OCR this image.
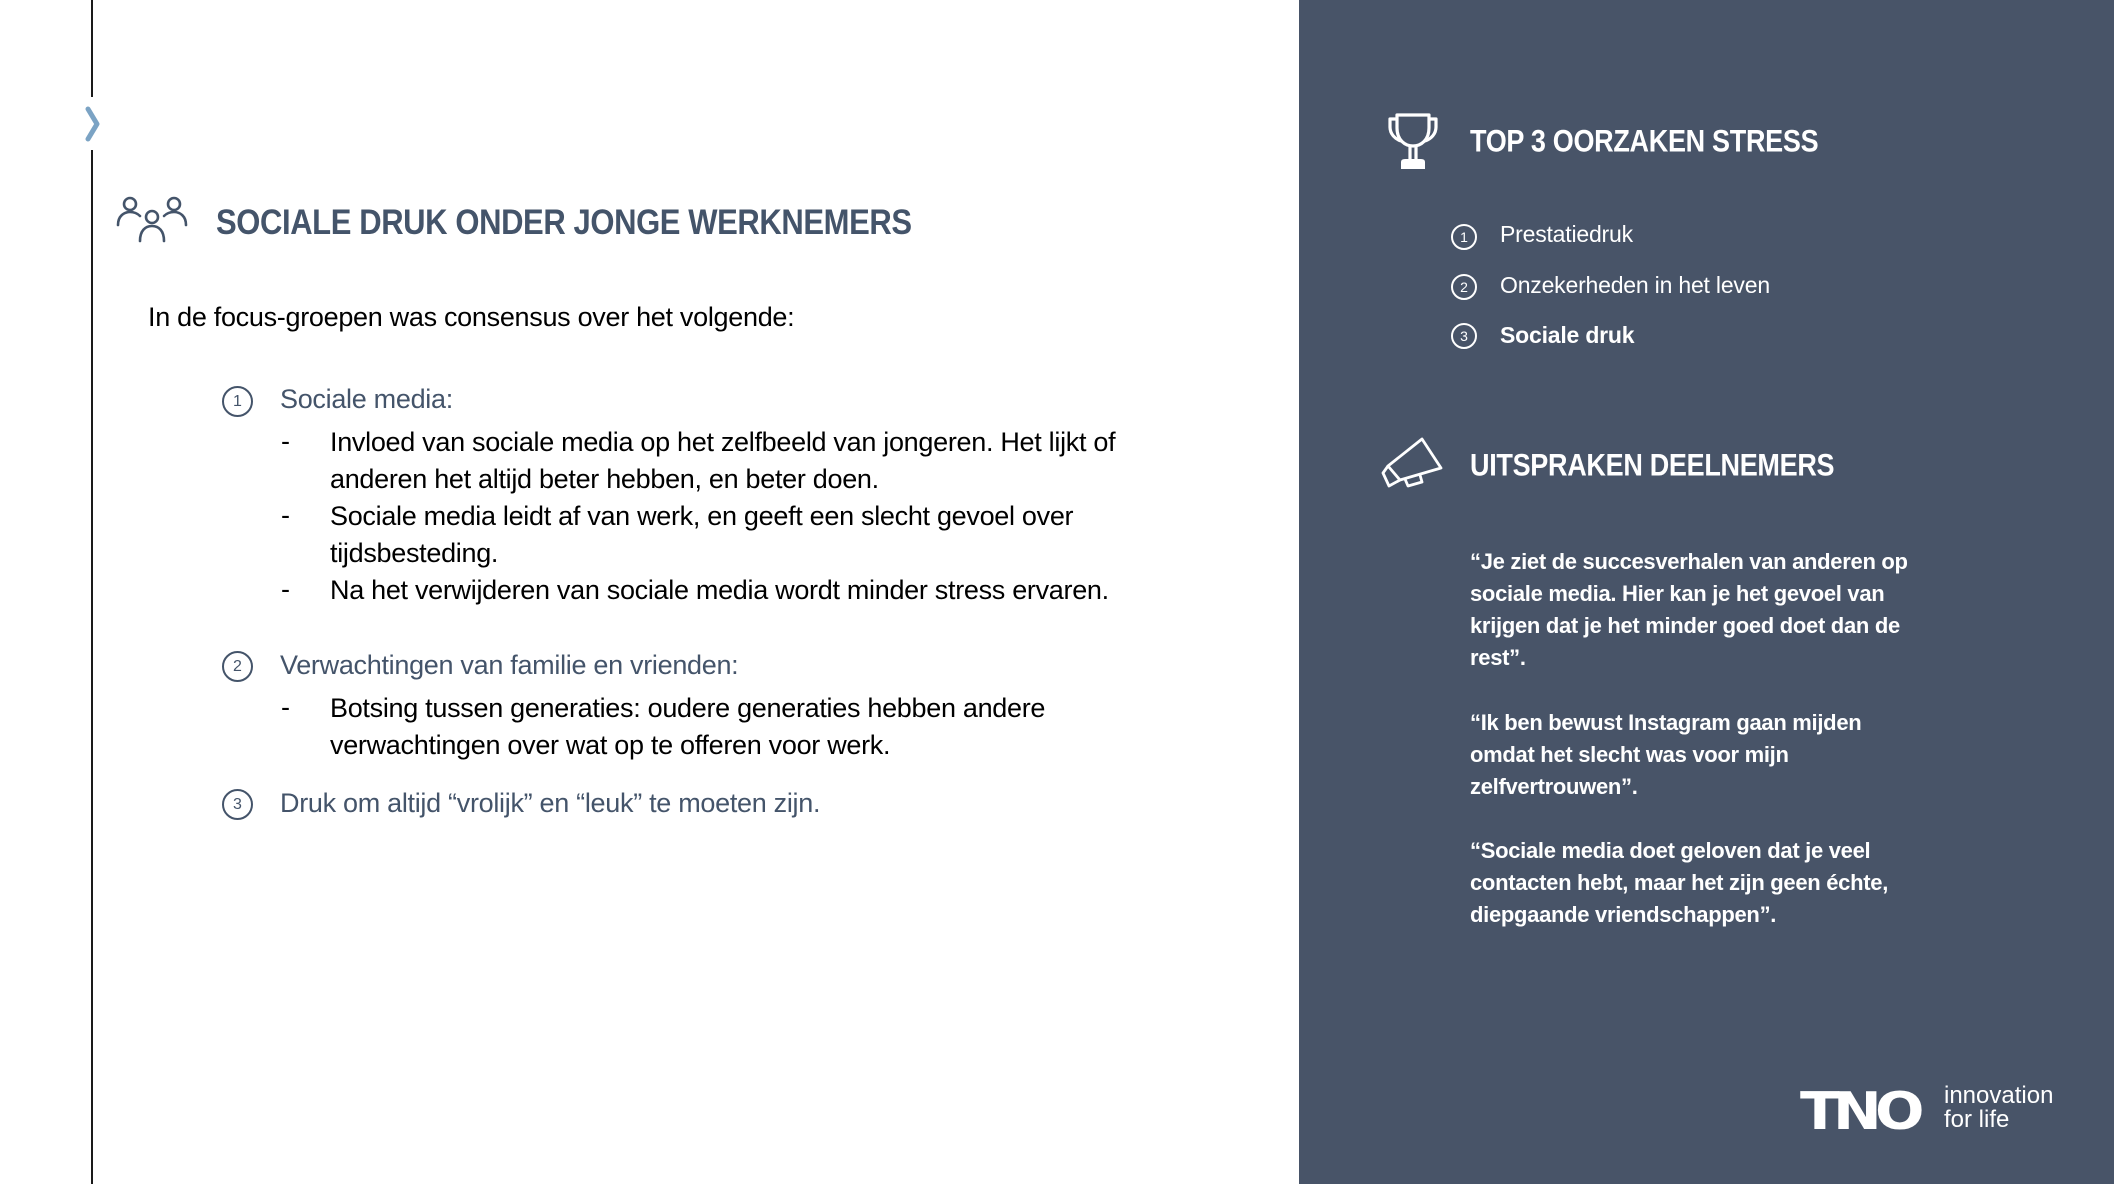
SOCIALE DRUK ONDER JONGE WERKNEMERS
In de focus-groepen was consensus over het volgende:
1	Sociale media:
- Invloed van sociale media op het zelfbeeld van jongeren. Het lijkt of
anderen het altijd beter hebben, en beter doen.
- Sociale media leidt af van werk, en geeft een slecht gevoel over
tijdsbesteding.
- Na het verwijderen van sociale media wordt minder stress ervaren.
2	Verwachtingen van familie en vrienden:
- Botsing tussen generaties: oudere generaties hebben andere
verwachtingen over wat op te offeren voor werk.
3	Druk om altijd “vrolijk” en “leuk” te moeten zijn.
TOP 3 OORZAKEN STRESS
1	Prestatiedruk
2	Onzekerheden in het leven
3	Sociale druk
UITSPRAKEN DEELNEMERS
“Je ziet de succesverhalen van anderen op
sociale media. Hier kan je het gevoel van
krijgen dat je het minder goed doet dan de
rest”.
“Ik ben bewust Instagram gaan mijden
omdat het slecht was voor mijn
zelfvertrouwen”.
“Sociale media doet geloven dat je veel
contacten hebt, maar het zijn geen échte,
diepgaande vriendschappen”.
TNO innovation
for life
